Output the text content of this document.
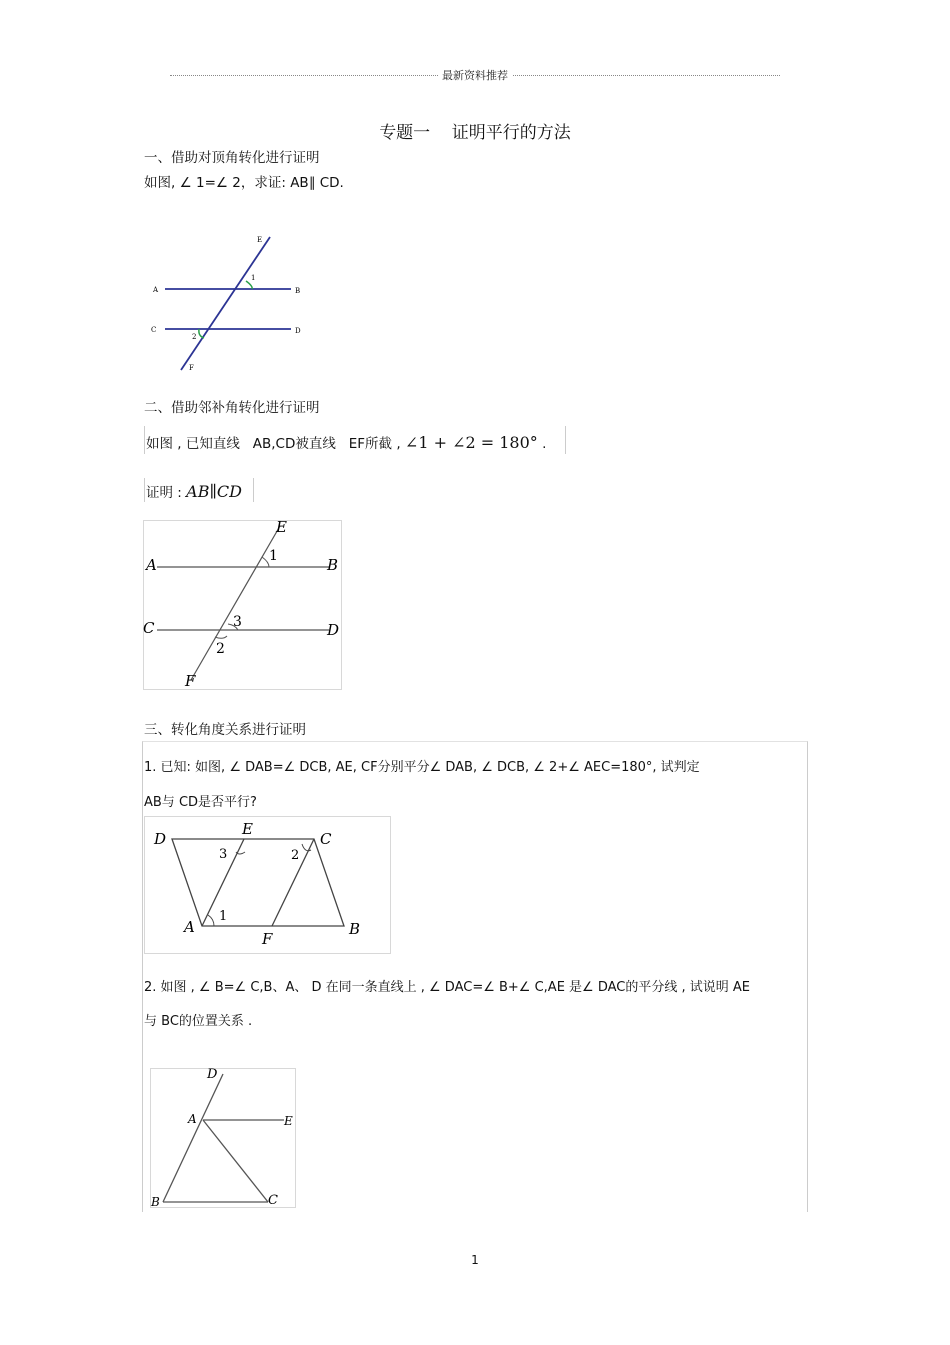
最新资料推荐
专题一    证明平行的方法
一、借助对顶角转化进行证明
如图, ∠ 1=∠ 2，求证: AB∥ CD.
A	B
C	D
E
F
1
2
二、借助邻补角转化进行证明
如图 , 已知直线   AB,CD被直线   EF所截 , ∠1 + ∠2 = 180° .
证明 : AB∥CD
A	B
C	D
E
F
1
3
2
三、转化角度关系进行证明
1. 已知: 如图, ∠ DAB=∠ DCB, AE, CF分别平分∠ DAB, ∠ DCB, ∠ 2+∠ AEC=180°, 试判定
AB与 CD是否平行?
D
E
C
A
F
B
1
2
3
2. 如图 , ∠ B=∠ C,B、A、 D 在同一条直线上 , ∠ DAC=∠ B+∠ C,AE 是∠ DAC的平分线 , 试说明 AE
与 BC的位置关系 .
D
A	E
B	C
1
